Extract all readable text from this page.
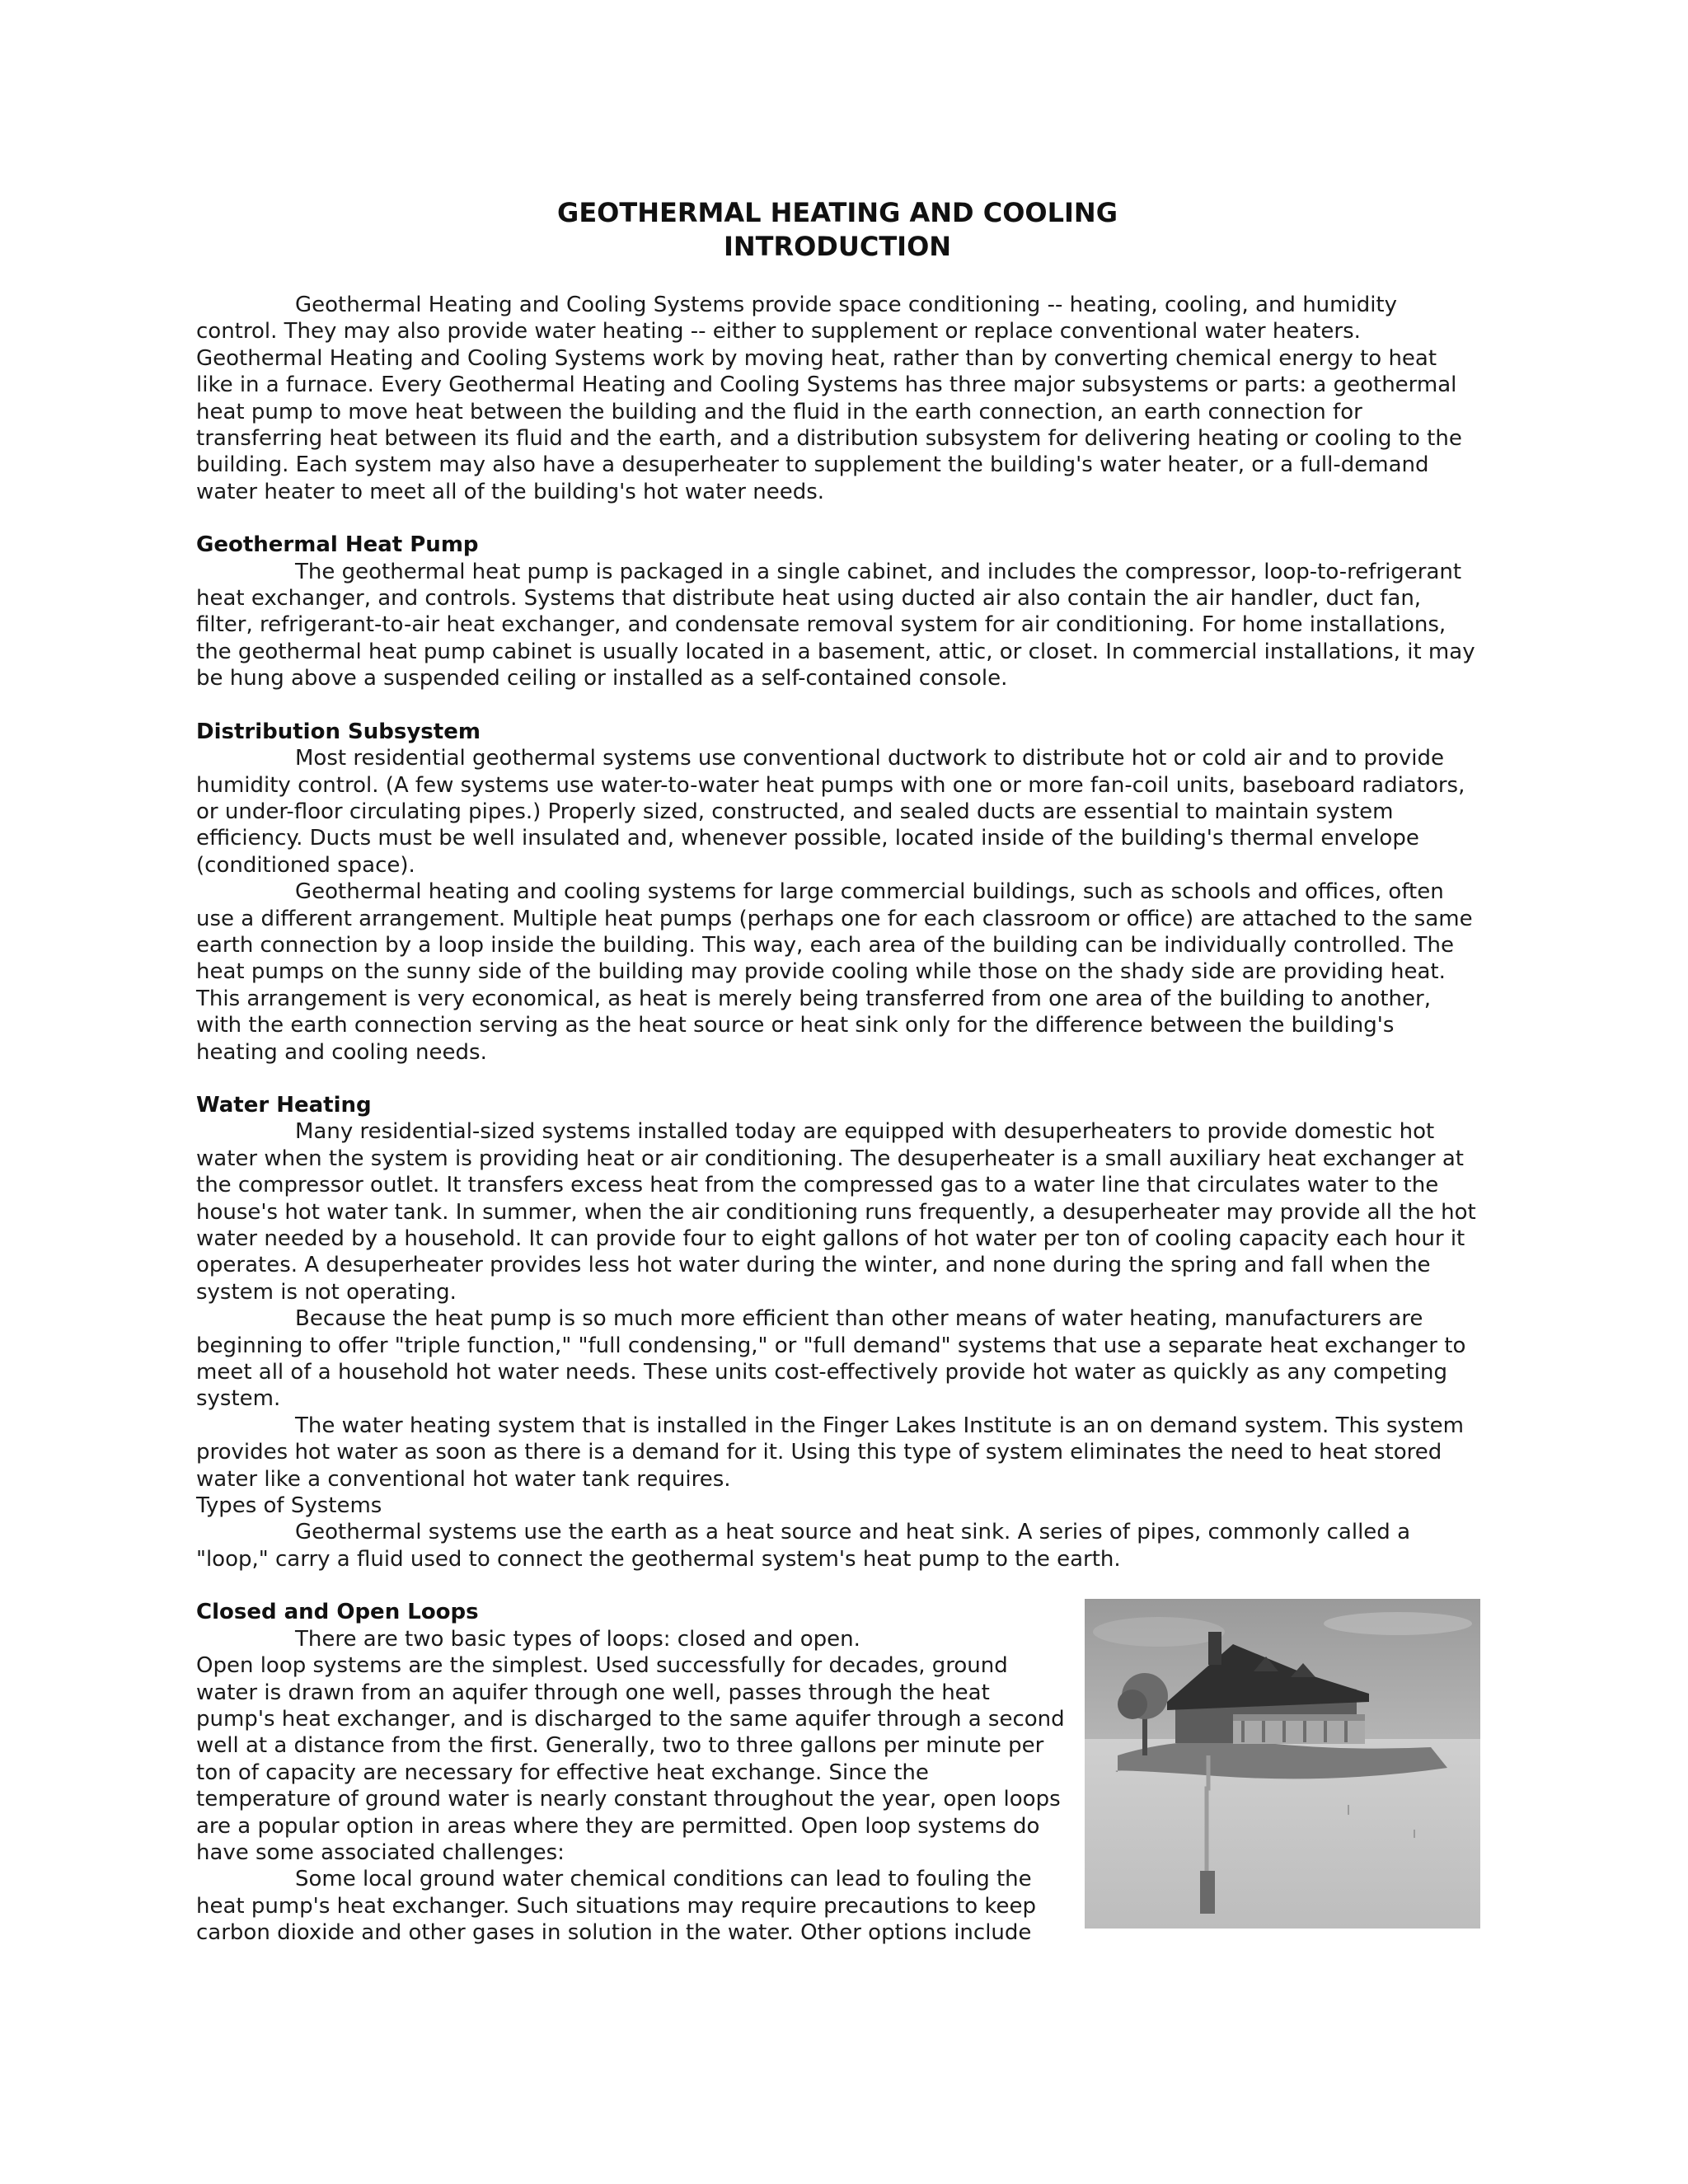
GEOTHERMAL HEATING AND COOLING
INTRODUCTION

Geothermal Heating and Cooling Systems provide space conditioning -- heating, cooling, and humidity control. They may also provide water heating -- either to supplement or replace conventional water heaters. Geothermal Heating and Cooling Systems work by moving heat, rather than by converting chemical energy to heat like in a furnace. Every Geothermal Heating and Cooling Systems has three major subsystems or parts: a geothermal heat pump to move heat between the building and the fluid in the earth connection, an earth connection for transferring heat between its fluid and the earth, and a distribution subsystem for delivering heating or cooling to the building. Each system may also have a desuperheater to supplement the building's water heater, or a full-demand water heater to meet all of the building's hot water needs.

Geothermal Heat Pump

The geothermal heat pump is packaged in a single cabinet, and includes the compressor, loop-to-refrigerant heat exchanger, and controls. Systems that distribute heat using ducted air also contain the air handler, duct fan, filter, refrigerant-to-air heat exchanger, and condensate removal system for air conditioning. For home installations, the geothermal heat pump cabinet is usually located in a basement, attic, or closet. In commercial installations, it may be hung above a suspended ceiling or installed as a self-contained console.

Distribution Subsystem

Most residential geothermal systems use conventional ductwork to distribute hot or cold air and to provide humidity control. (A few systems use water-to-water heat pumps with one or more fan-coil units, baseboard radiators, or under-floor circulating pipes.) Properly sized, constructed, and sealed ducts are essential to maintain system efficiency. Ducts must be well insulated and, whenever possible, located inside of the building's thermal envelope (conditioned space).

Geothermal heating and cooling systems for large commercial buildings, such as schools and offices, often use a different arrangement. Multiple heat pumps (perhaps one for each classroom or office) are attached to the same earth connection by a loop inside the building. This way, each area of the building can be individually controlled. The heat pumps on the sunny side of the building may provide cooling while those on the shady side are providing heat. This arrangement is very economical, as heat is merely being transferred from one area of the building to another, with the earth connection serving as the heat source or heat sink only for the difference between the building's heating and cooling needs.

Water Heating

Many residential-sized systems installed today are equipped with desuperheaters to provide domestic hot water when the system is providing heat or air conditioning. The desuperheater is a small auxiliary heat exchanger at the compressor outlet. It transfers excess heat from the compressed gas to a water line that circulates water to the house's hot water tank. In summer, when the air conditioning runs frequently, a desuperheater may provide all the hot water needed by a household. It can provide four to eight gallons of hot water per ton of cooling capacity each hour it operates. A desuperheater provides less hot water during the winter, and none during the spring and fall when the system is not operating.

Because the heat pump is so much more efficient than other means of water heating, manufacturers are beginning to offer "triple function," "full condensing," or "full demand" systems that use a separate heat exchanger to meet all of a household hot water needs. These units cost-effectively provide hot water as quickly as any competing system.

The water heating system that is installed in the Finger Lakes Institute is an on demand system. This system provides hot water as soon as there is a demand for it. Using this type of system eliminates the need to heat stored water like a conventional hot water tank requires.

Types of Systems

Geothermal systems use the earth as a heat source and heat sink. A series of pipes, commonly called a "loop," carry a fluid used to connect the geothermal system's heat pump to the earth.

Closed and Open Loops

There are two basic types of loops: closed and open.

Open loop systems are the simplest. Used successfully for decades, ground water is drawn from an aquifer through one well, passes through the heat pump's heat exchanger, and is discharged to the same aquifer through a second well at a distance from the first. Generally, two to three gallons per minute per ton of capacity are necessary for effective heat exchange. Since the temperature of ground water is nearly constant throughout the year, open loops are a popular option in areas where they are permitted. Open loop systems do have some associated challenges:

Some local ground water chemical conditions can lead to fouling the heat pump's heat exchanger. Such situations may require precautions to keep carbon dioxide and other gases in solution in the water. Other options include
